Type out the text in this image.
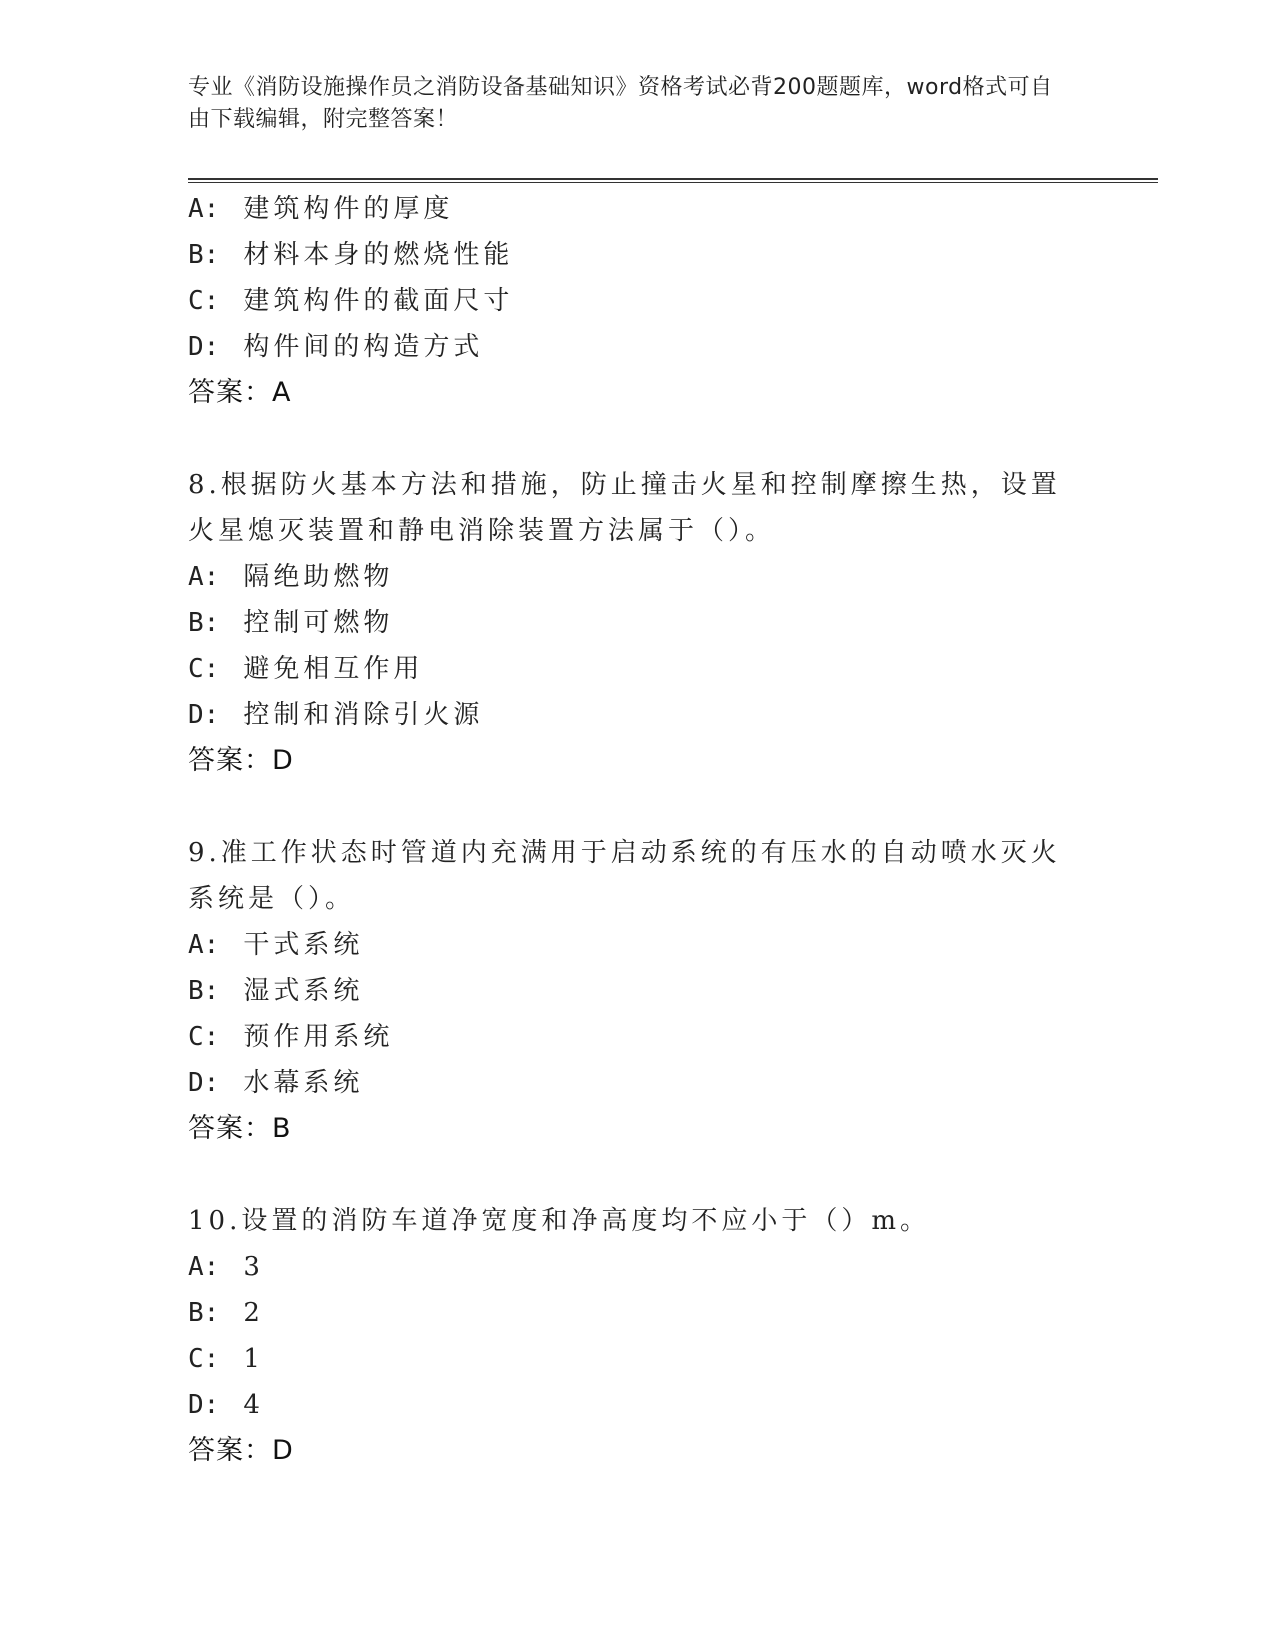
专业《消防设施操作员之消防设备基础知识》资格考试必背200题题库，word格式可自由下载编辑，附完整答案！
A: 建筑构件的厚度
B: 材料本身的燃烧性能
C: 建筑构件的截面尺寸
D: 构件间的构造方式
答案：A
8.根据防火基本方法和措施，防止撞击火星和控制摩擦生热，设置火星熄灭装置和静电消除装置方法属于（）。
A: 隔绝助燃物
B: 控制可燃物
C: 避免相互作用
D: 控制和消除引火源
答案：D
9.准工作状态时管道内充满用于启动系统的有压水的自动喷水灭火系统是（）。
A: 干式系统
B: 湿式系统
C: 预作用系统
D: 水幕系统
答案：B
10.设置的消防车道净宽度和净高度均不应小于（）m。
A: 3
B: 2
C: 1
D: 4
答案：D
